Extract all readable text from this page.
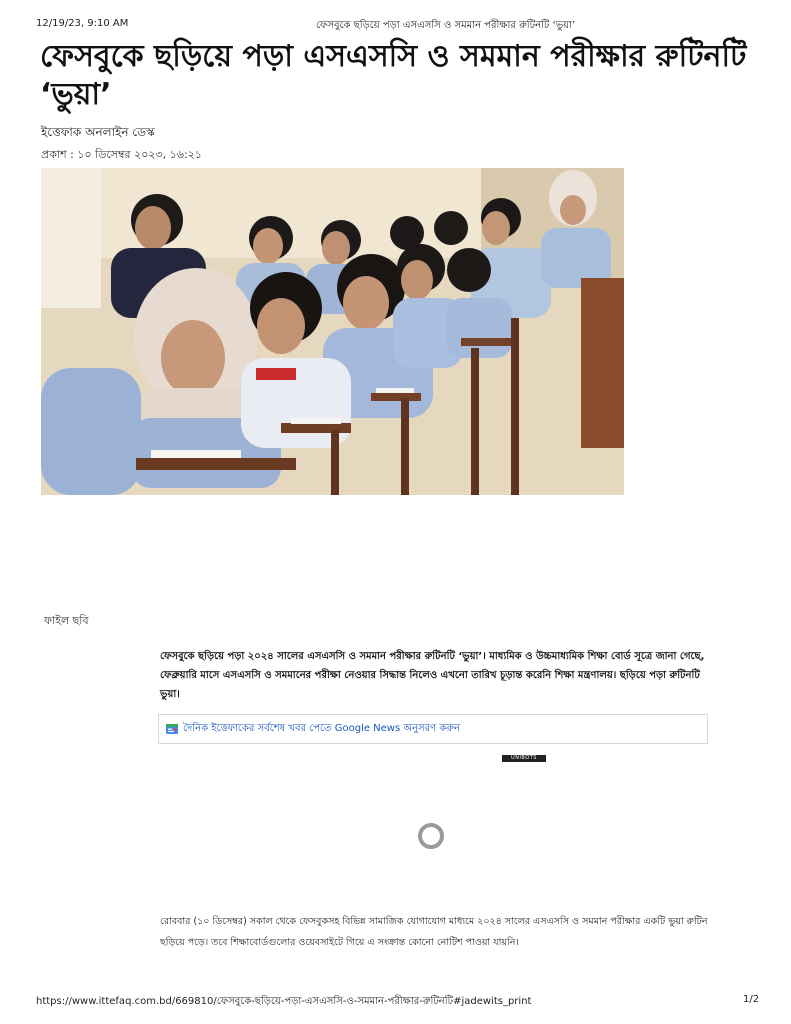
12/19/23, 9:10 AM	ফেসবুকে ছড়িয়ে পড়া এসএসসি ও সমমান পরীক্ষার রুটিনটি ‘ভুয়া’
ফেসবুকে ছড়িয়ে পড়া এসএসসি ও সমমান পরীক্ষার রুটিনটি ‘ভুয়া’
ইত্তেফাক অনলাইন ডেস্ক
প্রকাশ : ১০ ডিসেম্বর ২০২৩, ১৬:২১
ফাইল ছবি

ফেসবুকে ছড়িয়ে পড়া ২০২৪ সালের এসএসসি ও সমমান পরীক্ষার রুটিনটি ‘ভুয়া’। মাধ্যমিক ও উচ্চমাধ্যমিক শিক্ষা বোর্ড সূত্রে জানা গেছে, ফেব্রুয়ারি মাসে এসএসসি ও সমমানের পরীক্ষা নেওয়ার সিদ্ধান্ত নিলেও এখনো তারিখ চূড়ান্ত করেনি শিক্ষা মন্ত্রণালয়। ছড়িয়ে পড়া রুটিনটি ভুয়া।

দৈনিক ইত্তেফাকের সর্বশেষ খবর পেতে Google News অনুসরণ করুন
UNIBOTS

রোববার (১০ ডিসেম্বর) সকাল থেকে ফেসবুকসহ বিভিন্ন সামাজিক যোগাযোগ মাধ্যমে ২০২৪ সালের এসএসসি ও সমমান পরীক্ষার একটি ভুয়া রুটিন ছড়িয়ে পড়ে। তবে শিক্ষাবোর্ডগুলোর ওয়েবসাইটে গিয়ে এ সংক্রান্ত কোনো নোটিশ পাওয়া যায়নি।

https://www.ittefaq.com.bd/669810/ফেসবুকে-ছড়িয়ে-পড়া-এসএসসি-ও-সমমান-পরীক্ষার-রুটিনটি#jadewits_print	1/2
